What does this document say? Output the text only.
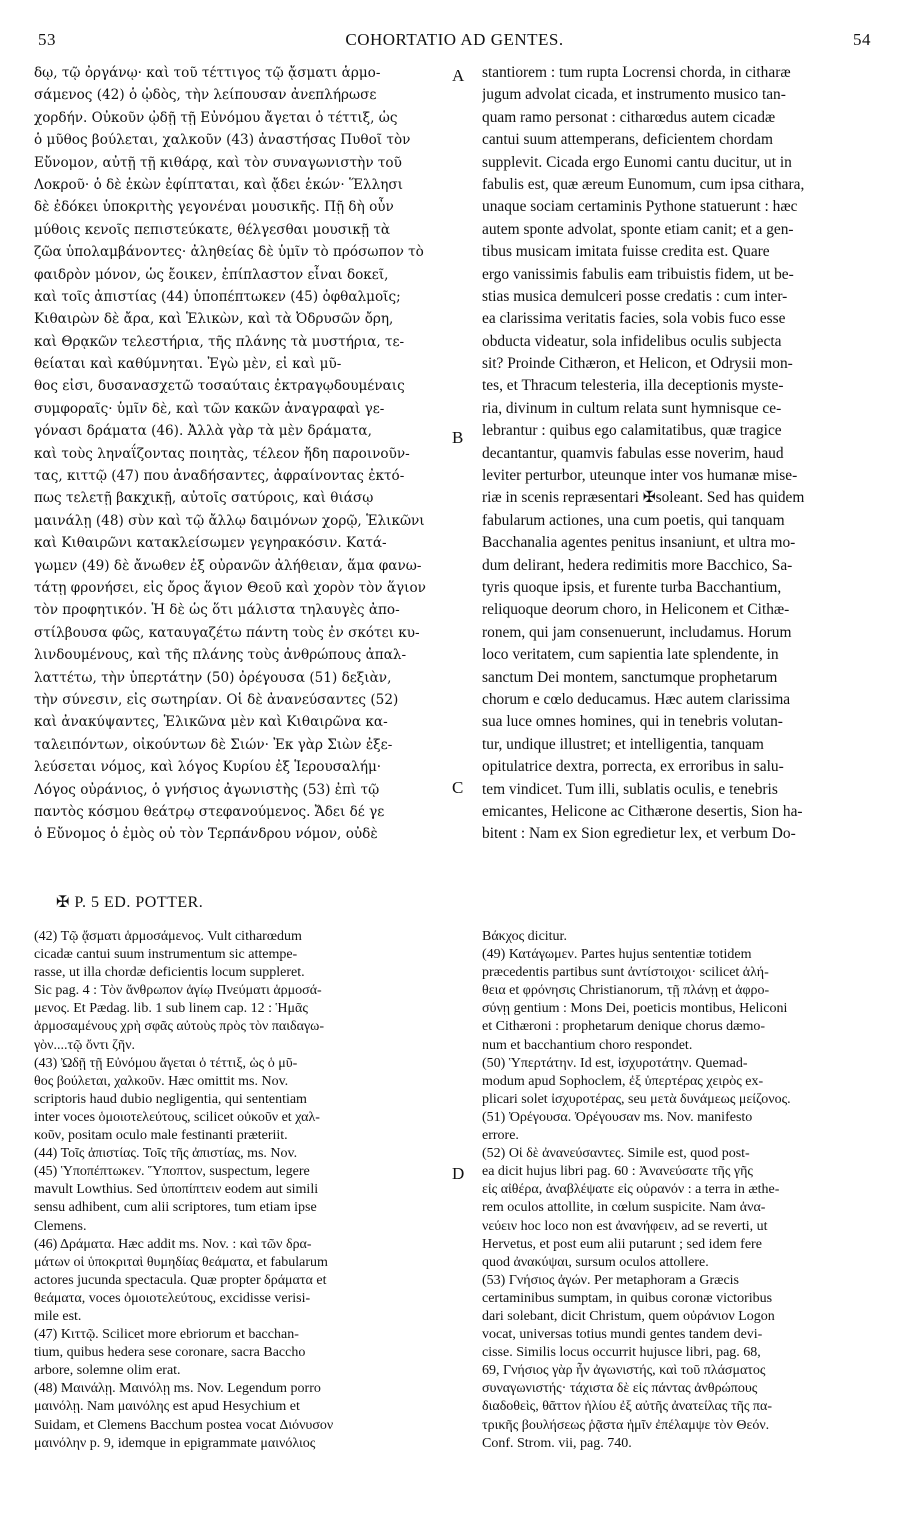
53	COHORTATIO AD GENTES.	54
δῳ, τῷ ὀργάνῳ· καὶ τοῦ τέττιγος τῷ ᾄσματι ἁρμο-
σάμενος (42) ὁ ᾠδὸς, τὴν λείπουσαν ἀνεπλήρωσε
χορδήν. Οὐκοῦν ᾠδῇ τῇ Εὐνόμου ἄγεται ὁ τέττιξ, ὡς
ὁ μῦθος βούλεται, χαλκοῦν (43) ἀναστήσας Πυθοῖ τὸν
Εὔνομον, αὐτῇ τῇ κιθάρᾳ, καὶ τὸν συναγωνιστὴν τοῦ
Λοκροῦ· ὁ δὲ ἑκὼν ἐφίπταται, καὶ ᾄδει ἑκών· Ἕλλησι
δὲ ἐδόκει ὑποκριτὴς γεγονέναι μουσικῆς. Πῇ δὴ οὖν
μύθοις κενοῖς πεπιστεύκατε, θέλγεσθαι μουσικῇ τὰ
ζῶα ὑπολαμβάνοντες· ἀληθείας δὲ ὑμῖν τὸ πρόσωπον τὸ
φαιδρὸν μόνον, ὡς ἔοικεν, ἐπίπλαστον εἶναι δοκεῖ,
καὶ τοῖς ἀπιστίας (44) ὑποπέπτωκεν (45) ὀφθαλμοῖς;
Κιθαιρὼν δὲ ἄρα, καὶ Ἑλικὼν, καὶ τὰ Ὀδρυσῶν ὄρη,
καὶ Θρᾳκῶν τελεστήρια, τῆς πλάνης τὰ μυστήρια, τε-
θείαται καὶ καθύμνηται. Ἐγὼ μὲν, εἰ καὶ μῦ-
θος εἰσι, δυσανασχετῶ τοσαύταις ἐκτραγῳδουμέναις
συμφοραῖς· ὑμῖν δὲ, καὶ τῶν κακῶν ἀναγραφαὶ γε-
γόνασι δράματα (46). Ἀλλὰ γὰρ τὰ μὲν δράματα,
καὶ τοὺς ληναΐζοντας ποιητὰς, τέλεον ἤδη παροινοῦν-
τας, κιττῷ (47) που ἀναδήσαντες, ἀφραίνοντας ἐκτό-
πως τελετῇ βακχικῇ, αὐτοῖς σατύροις, καὶ θιάσῳ
μαινάλῃ (48) σὺν καὶ τῷ ἄλλῳ δαιμόνων χορῷ, Ἑλικῶνι
καὶ Κιθαιρῶνι κατακλείσωμεν γεγηρακόσιν. Κατά-
γωμεν (49) δὲ ἄνωθεν ἐξ οὐρανῶν ἀλήθειαν, ἅμα φανω-
τάτῃ φρονήσει, εἰς ὄρος ἅγιον Θεοῦ καὶ χορὸν τὸν ἅγιον
τὸν προφητικόν. Ἡ δὲ ὡς ὅτι μάλιστα τηλαυγὲς ἀπο-
στίλβουσα φῶς, καταυγαζέτω πάντη τοὺς ἐν σκότει κυ-
λινδουμένους, καὶ τῆς πλάνης τοὺς ἀνθρώπους ἀπαλ-
λαττέτω, τὴν ὑπερτάτην (50) ὀρέγουσα (51) δεξιὰν,
τὴν σύνεσιν, εἰς σωτηρίαν. Οἱ δὲ ἀνανεύσαντες (52)
καὶ ἀνακύψαντες, Ἑλικῶνα μὲν καὶ Κιθαιρῶνα κα-
ταλειπόντων, οἰκούντων δὲ Σιών· Ἐκ γὰρ Σιὼν ἐξε-
λεύσεται νόμος, καὶ λόγος Κυρίου ἐξ Ἱερουσαλήμ·
Λόγος οὐράνιος, ὁ γνήσιος ἀγωνιστὴς (53) ἐπὶ τῷ
παντὸς κόσμου θεάτρῳ στεφανούμενος. Ἄδει δέ γε
ὁ Εὔνομος ὁ ἐμὸς οὐ τὸν Τερπάνδρου νόμον, οὐδὲ
stantiorem : tum rupta Locrensi chorda, in citharæ
jugum advolat cicada, et instrumento musico tan-
quam ramo personat : citharœdus autem cicadæ
cantui suum attemperans, deficientem chordam
supplevit. Cicada ergo Eunomi cantu ducitur, ut in
fabulis est, quæ æreum Eunomum, cum ipsa cithara,
unaque sociam certaminis Pythone statuerunt : hæc
autem sponte advolat, sponte etiam canit; et a gen-
tibus musicam imitata fuisse credita est. Quare
ergo vanissimis fabulis eam tribuistis fidem, ut be-
stias musica demulceri posse credatis : cum inter-
ea clarissima veritatis facies, sola vobis fuco esse
obducta videatur, sola infidelibus oculis subjecta
sit? Proinde Cithæron, et Helicon, et Odrysii mon-
tes, et Thracum telesteria, illa deceptionis myste-
ria, divinum in cultum relata sunt hymnisque ce-
lebrantur : quibus ego calamitatibus, quæ tragice
decantantur, quamvis fabulas esse noverim, haud
leviter perturbor, uteunque inter vos humanæ mise-
riæ in scenis repræsentari ✠soleant. Sed has quidem
fabularum actiones, una cum poetis, qui tanquam
Bacchanalia agentes penitus insaniunt, et ultra mo-
dum delirant, hedera redimitis more Bacchico, Sa-
tyris quoque ipsis, et furente turba Bacchantium,
reliquoque deorum choro, in Heliconem et Cithæ-
ronem, qui jam consenuerunt, includamus. Horum
loco veritatem, cum sapientia late splendente, in
sanctum Dei montem, sanctumque prophetarum
chorum e cœlo deducamus. Hæc autem clarissima
sua luce omnes homines, qui in tenebris volutan-
tur, undique illustret; et intelligentia, tanquam
opitulatrice dextra, porrecta, ex erroribus in salu-
tem vindicet. Tum illi, sublatis oculis, e tenebris
emicantes, Helicone ac Cithærone desertis, Sion ha-
bitent : Nam ex Sion egredietur lex, et verbum Do-
A
B
C
D
✠ P. 5 ED. POTTER.
(42) Τῷ ᾄσματι ἁρμοσάμενος. Vult citharœdum
cicadæ cantui suum instrumentum sic attempe-
rasse, ut illa chordæ deficientis locum suppleret.
Sic pag. 4 : Τὸν ἄνθρωπον ἁγίῳ Πνεύματι ἁρμοσά-
μενος. Et Pædag. lib. 1 sub linem cap. 12 : Ἡμᾶς
ἁρμοσαμένους χρὴ σφᾶς αὐτοὺς πρὸς τὸν παιδαγω-
γὸν....τῷ ὄντι ζῆν.
(43) Ὠδῇ τῇ Εὐνόμου ἄγεται ὁ τέττιξ, ὡς ὁ μῦ-
θος βούλεται, χαλκοῦν. Hæc omittit ms. Nov.
scriptoris haud dubio negligentia, qui sententiam
inter voces ὁμοιοτελεύτους, scilicet οὐκοῦν et χαλ-
κοῦν, positam oculo male festinanti præteriit.
(44) Τοῖς ἀπιστίας. Τοῖς τῆς ἀπιστίας, ms. Nov.
(45) Ὑποπέπτωκεν. Ὕποπτον, suspectum, legere
mavult Lowthius. Sed ὑποπίπτειν eodem aut simili
sensu adhibent, cum alii scriptores, tum etiam ipse
Clemens.
(46) Δράματα. Hæc addit ms. Nov. : καὶ τῶν δρα-
μάτων οἱ ὑποκριταὶ θυμηδίας θεάματα, et fabularum
actores jucunda spectacula. Quæ propter δράματα et
θεάματα, voces ὁμοιοτελεύτους, excidisse verisi-
mile est.
(47) Κιττῷ. Scilicet more ebriorum et bacchan-
tium, quibus hedera sese coronare, sacra Baccho
arbore, solemne olim erat.
(48) Μαινάλῃ. Μαινόλῃ ms. Nov. Legendum porro
μαινόλῃ. Nam μαινόλης est apud Hesychium et
Suidam, et Clemens Bacchum postea vocat Διόνυσον
μαινόλην p. 9, idemque in epigrammate μαινόλιος
Βάκχος dicitur.
(49) Κατάγωμεν. Partes hujus sententiæ totidem
præcedentis partibus sunt ἀντίστοιχοι· scilicet ἀλή-
θεια et φρόνησις Christianorum, τῇ πλάνῃ et ἀφρο-
σύνῃ gentium : Mons Dei, poeticis montibus, Heliconi
et Cithæroni : prophetarum denique chorus dæmo-
num et bacchantium choro respondet.
(50) Ὑπερτάτην. Id est, ἰσχυροτάτην. Quemad-
modum apud Sophoclem, ἐξ ὑπερτέρας χειρὸς ex-
plicari solet ἰσχυροτέρας, seu μετὰ δυνάμεως μείζονος.
(51) Ὀρέγουσα. Ὀρέγουσαν ms. Nov. manifesto
errore.
(52) Οἱ δὲ ἀνανεύσαντες. Simile est, quod post-
ea dicit hujus libri pag. 60 : Ἀνανεύσατε τῆς γῆς
εἰς αἰθέρα, ἀναβλέψατε εἰς οὐρανόν : a terra in æthe-
rem oculos attollite, in cœlum suspicite. Nam ἀνα-
νεύειν hoc loco non est ἀνανήφειν, ad se reverti, ut
Hervetus, et post eum alii putarunt ; sed idem fere
quod ἀνακύψαι, sursum oculos attollere.
(53) Γνήσιος ἀγών. Per metaphoram a Græcis
certaminibus sumptam, in quibus coronæ victoribus
dari solebant, dicit Christum, quem οὐράνιον Logon
vocat, universas totius mundi gentes tandem devi-
cisse. Similis locus occurrit hujusce libri, pag. 68,
69, Γνήσιος γὰρ ἦν ἀγωνιστής, καὶ τοῦ πλάσματος
συναγωνιστής· τάχιστα δὲ εἰς πάντας ἀνθρώπους
διαδοθεὶς, θᾶττον ἡλίου ἐξ αὐτῆς ἀνατείλας τῆς πα-
τρικῆς βουλήσεως ῥᾷστα ἡμῖν ἐπέλαμψε τὸν Θεόν.
Conf. Strom. vii, pag. 740.
